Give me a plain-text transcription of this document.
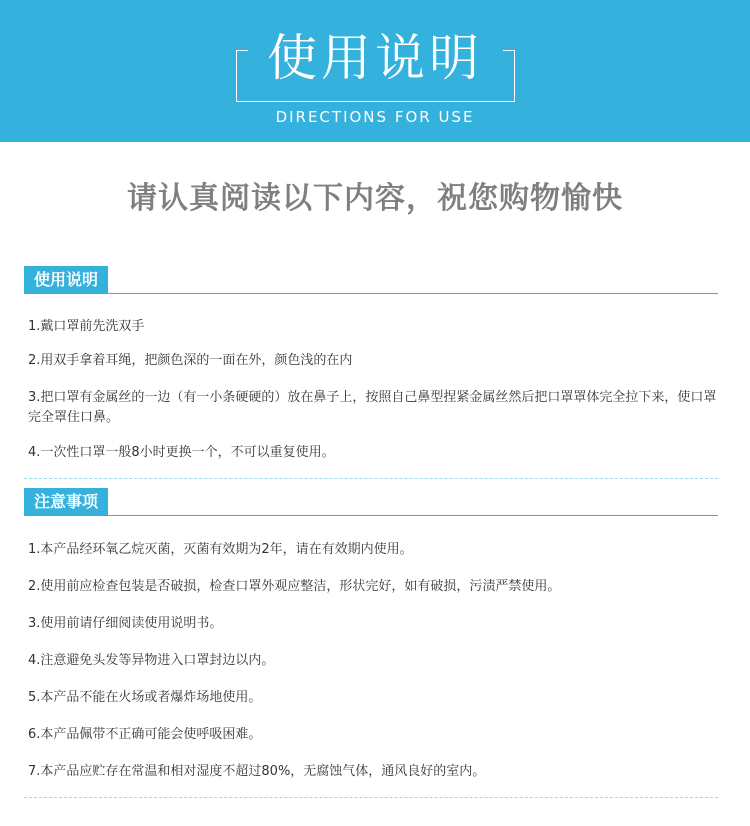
使用说明
DIRECTIONS FOR USE
请认真阅读以下内容，祝您购物愉快
使用说明
1.戴口罩前先洗双手
2.用双手拿着耳绳，把颜色深的一面在外，颜色浅的在内
3.把口罩有金属丝的一边（有一小条硬硬的）放在鼻子上，按照自己鼻型捏紧金属丝然后把口罩罩体完全拉下来，使口罩完全罩住口鼻。
4.一次性口罩一般8小时更换一个，不可以重复使用。
注意事项
1.本产品经环氧乙烷灭菌，灭菌有效期为2年，请在有效期内使用。
2.使用前应检查包装是否破损，检查口罩外观应整洁，形状完好，如有破损，污渍严禁使用。
3.使用前请仔细阅读使用说明书。
4.注意避免头发等异物进入口罩封边以内。
5.本产品不能在火场或者爆炸场地使用。
6.本产品佩带不正确可能会使呼吸困难。
7.本产品应贮存在常温和相对湿度不超过80%，无腐蚀气体，通风良好的室内。
